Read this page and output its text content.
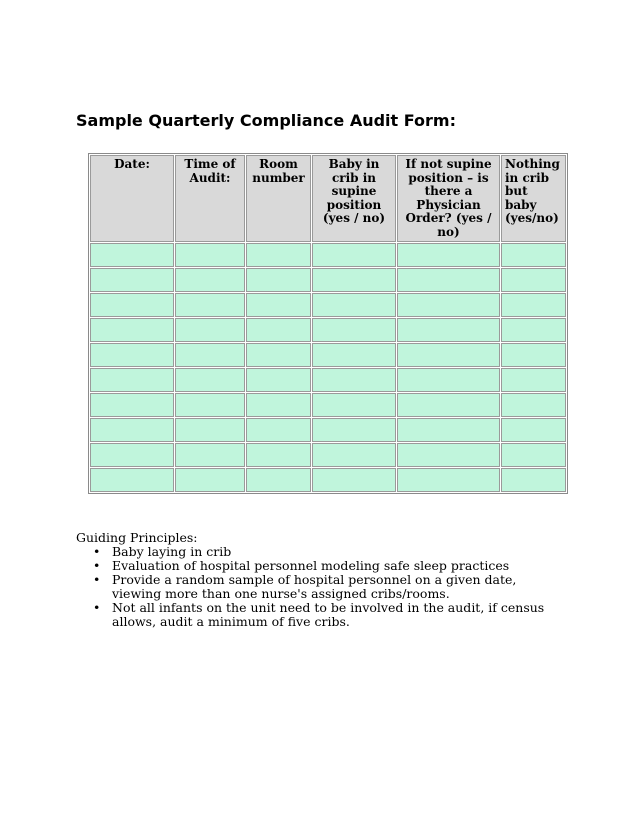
Sample Quarterly Compliance Audit Form:
Date:	Time of Audit:	Room number	Baby in crib in supine position (yes / no)	If not supine position – is there a Physician Order? (yes / no)	Nothing in crib but baby (yes/no)

Guiding Principles:
• Baby laying in crib
• Evaluation of hospital personnel modeling safe sleep practices
• Provide a random sample of hospital personnel on a given date, viewing more than one nurse's assigned cribs/rooms.
• Not all infants on the unit need to be involved in the audit, if census allows, audit a minimum of five cribs.
